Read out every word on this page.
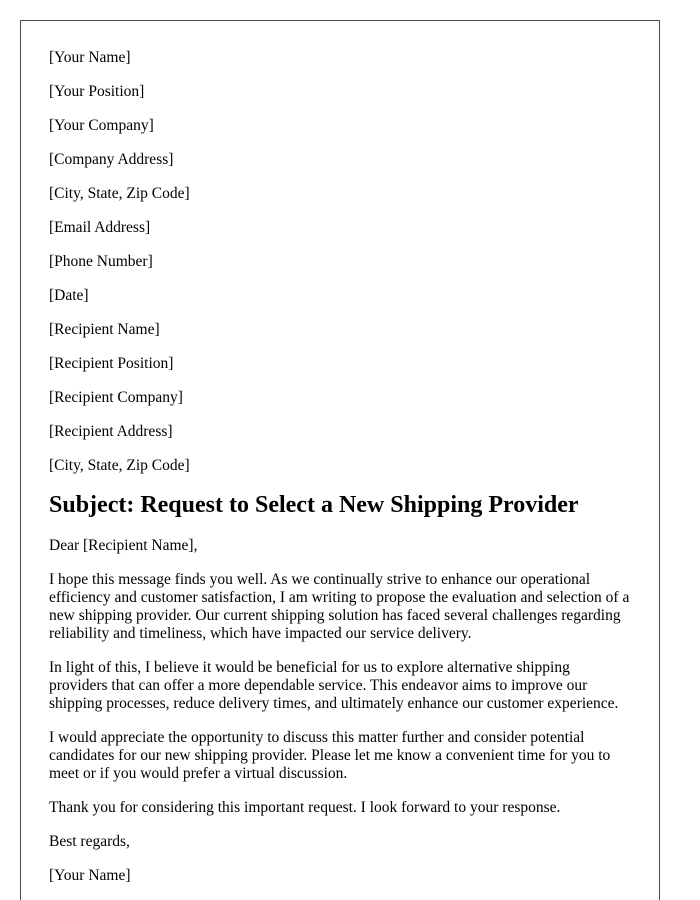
[Your Name]
[Your Position]
[Your Company]
[Company Address]
[City, State, Zip Code]
[Email Address]
[Phone Number]
[Date]
[Recipient Name]
[Recipient Position]
[Recipient Company]
[Recipient Address]
[City, State, Zip Code]
Subject: Request to Select a New Shipping Provider
Dear [Recipient Name],
I hope this message finds you well. As we continually strive to enhance our operational efficiency and customer satisfaction, I am writing to propose the evaluation and selection of a new shipping provider. Our current shipping solution has faced several challenges regarding reliability and timeliness, which have impacted our service delivery.
In light of this, I believe it would be beneficial for us to explore alternative shipping providers that can offer a more dependable service. This endeavor aims to improve our shipping processes, reduce delivery times, and ultimately enhance our customer experience.
I would appreciate the opportunity to discuss this matter further and consider potential candidates for our new shipping provider. Please let me know a convenient time for you to meet or if you would prefer a virtual discussion.
Thank you for considering this important request. I look forward to your response.
Best regards,
[Your Name]
